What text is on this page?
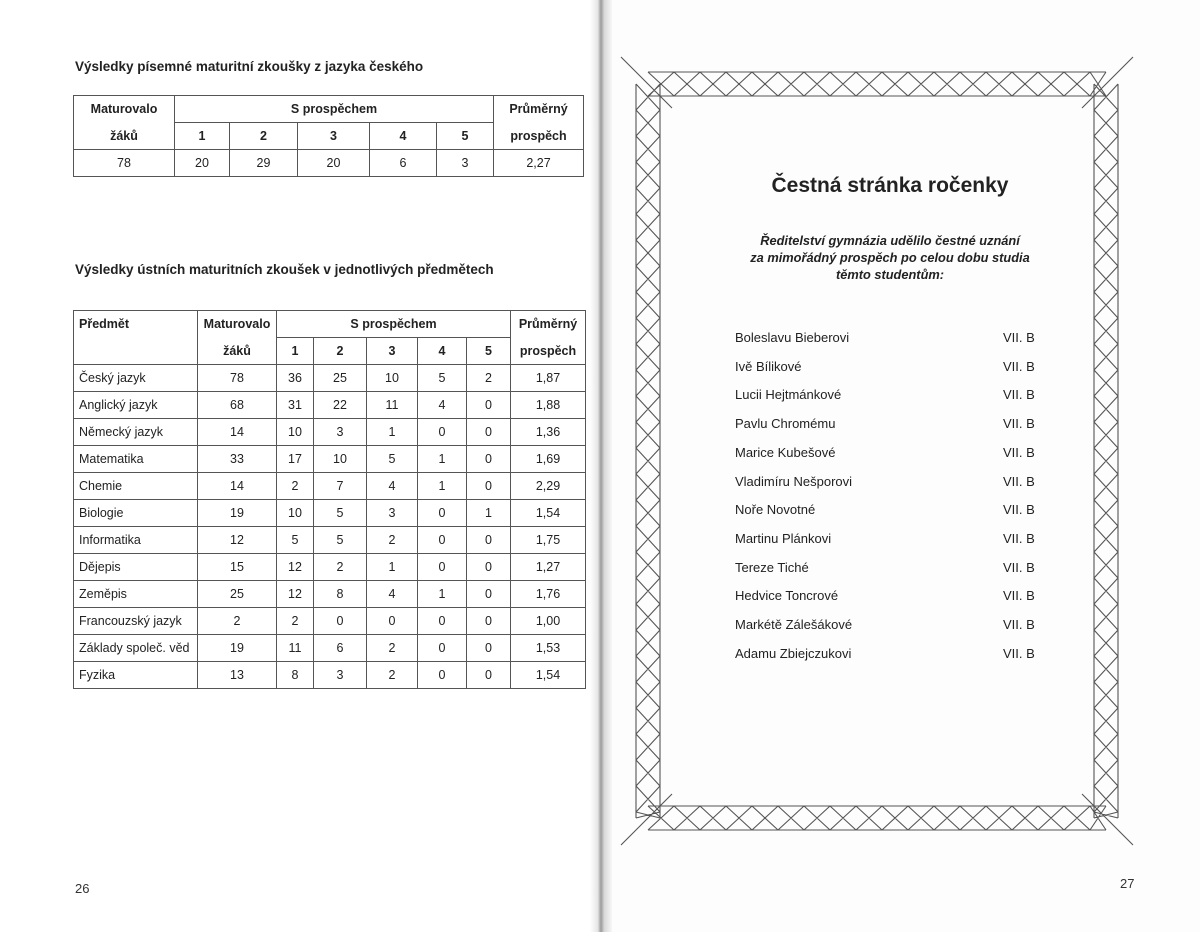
Výsledky písemné maturitní zkoušky z jazyka českého
Maturovalo	S prospěchem					Průměrný
žáků	1	2	3	4	5	prospěch
78	20	29	20	6	3	2,27
Výsledky ústních maturitních zkoušek v jednotlivých předmětech
Předmět	Maturovalo	S prospěchem					Průměrný
	žáků	1	2	3	4	5	prospěch
Český jazyk	78	36	25	10	5	2	1,87
Anglický jazyk	68	31	22	11	4	0	1,88
Německý jazyk	14	10	3	1	0	0	1,36
Matematika	33	17	10	5	1	0	1,69
Chemie	14	2	7	4	1	0	2,29
Biologie	19	10	5	3	0	1	1,54
Informatika	12	5	5	2	0	0	1,75
Dějepis	15	12	2	1	0	0	1,27
Zeměpis	25	12	8	4	1	0	1,76
Francouzský jazyk	2	2	0	0	0	0	1,00
Základy společ. věd	19	11	6	2	0	0	1,53
Fyzika	13	8	3	2	0	0	1,54
26
Čestná stránka ročenky
Ředitelství gymnázia udělilo čestné uznání
za mimořádný prospěch po celou dobu studia
těmto studentům:
Boleslavu Bieberovi	VII. B
Ivě Bílikové	VII. B
Lucii Hejtmánkové	VII. B
Pavlu Chromému	VII. B
Marice Kubešové	VII. B
Vladimíru Nešporovi	VII. B
Noře Novotné	VII. B
Martinu Plánkovi	VII. B
Tereze Tiché	VII. B
Hedvice Toncrové	VII. B
Markétě Zálešákové	VII. B
Adamu Zbiejczukovi	VII. B
27
